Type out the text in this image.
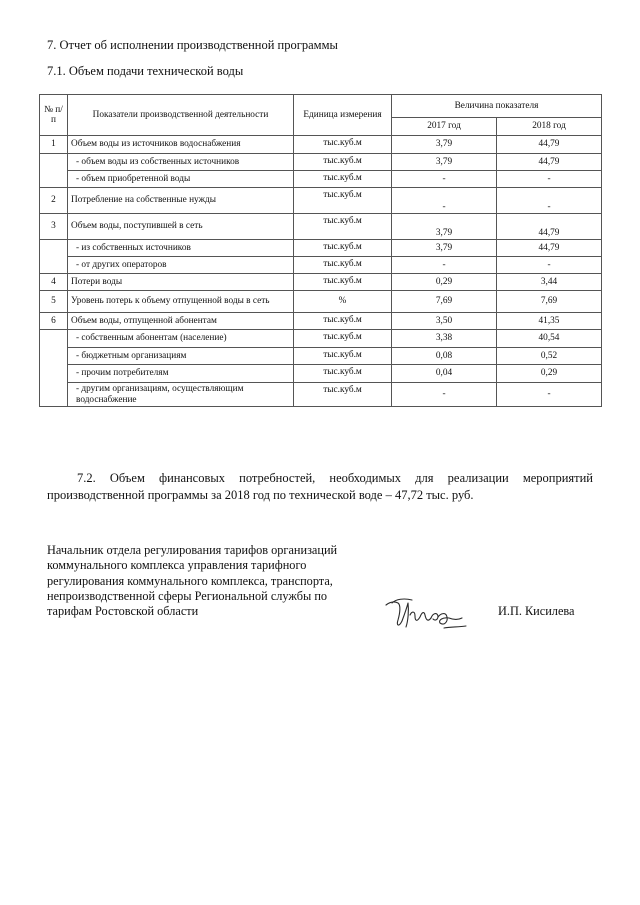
7. Отчет об исполнении производственной программы
7.1. Объем подачи технической воды
№ п/п	Показатели производственной деятельности	Единица измерения	Величина показателя	
			2017 год	2018 год
1	Объем воды из источников водоснабжения	тыс.куб.м	3,79	44,79
	- объем воды из собственных источников	тыс.куб.м	3,79	44,79
	- объем приобретенной воды	тыс.куб.м	-	-
2	Потребление на собственные нужды	тыс.куб.м	-	-
3	Объем воды, поступившей в сеть	тыс.куб.м	3,79	44,79
	- из собственных источников	тыс.куб.м	3,79	44,79
	- от других операторов	тыс.куб.м	-	-
4	Потери воды	тыс.куб.м	0,29	3,44
5	Уровень потерь к объему отпущенной воды в сеть	%	7,69	7,69
6	Объем воды, отпущенной абонентам	тыс.куб.м	3,50	41,35
	- собственным абонентам (население)	тыс.куб.м	3,38	40,54
	- бюджетным организациям	тыс.куб.м	0,08	0,52
	- прочим потребителям	тыс.куб.м	0,04	0,29
	- другим организациям, осуществляющим водоснабжение	тыс.куб.м	-	-
7.2. Объем финансовых потребностей, необходимых для реализации мероприятий производственной программы за 2018 год по технической воде – 47,72 тыс. руб.
Начальник отдела регулирования тарифов организаций
коммунального комплекса управления тарифного
регулирования коммунального комплекса, транспорта,
непроизводственной сферы Региональной службы по
тарифам Ростовской области	И.П. Кисилева
